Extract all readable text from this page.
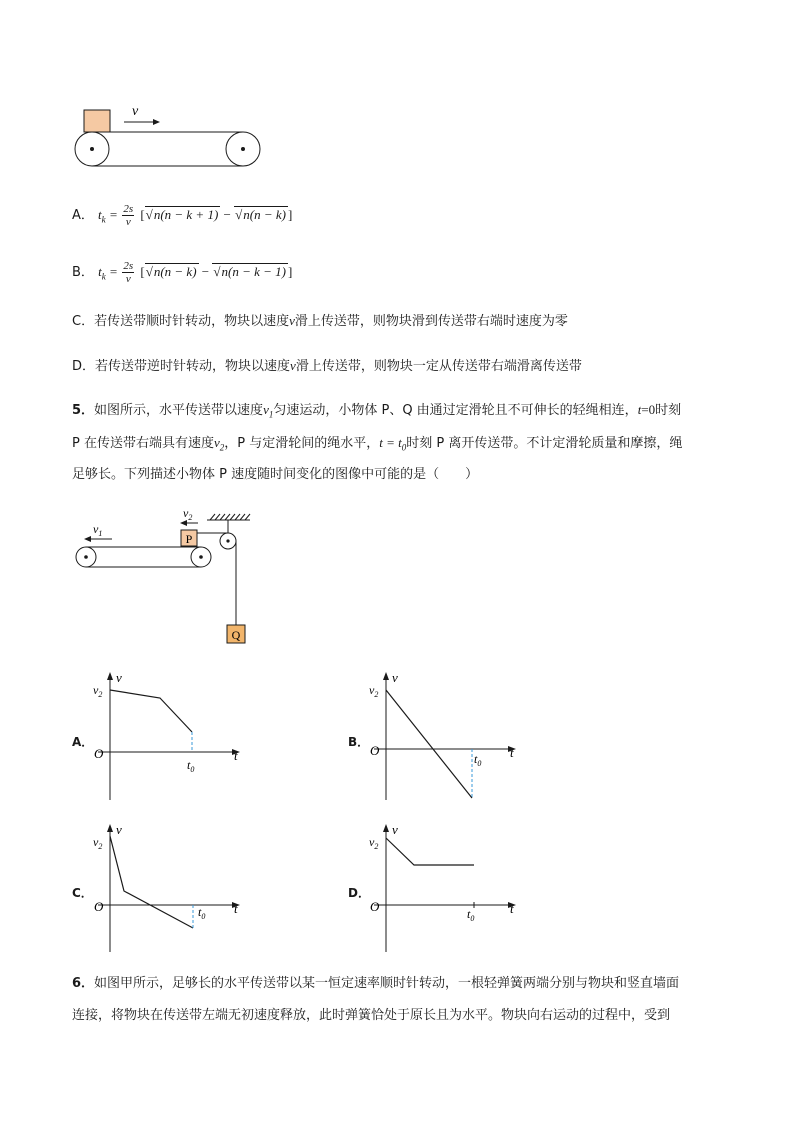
v
A． $t_k = \frac{2s}{v}$ [ √ n(n − k + 1) − √ n(n − k) ]
B． $t_k = \frac{2s}{v}$ [ √ n(n − k) − √ n(n − k − 1) ]
C．若传送带顺时针转动，物块以速度v滑上传送带，则物块滑到传送带右端时速度为零
D．若传送带逆时针转动，物块以速度v滑上传送带，则物块一定从传送带右端滑离传送带
5．如图所示，水平传送带以速度$v_1$匀速运动，小物体 P、Q 由通过定滑轮且不可伸长的轻绳相连，t=0时刻
P 在传送带右端具有速度$v_2$，P 与定滑轮间的绳水平，$t = t_0$时刻 P 离开传送带。不计定滑轮质量和摩擦，绳
足够长。下列描述小物体 P 速度随时间变化的图像中可能的是（　　）
$v_1$
$v_2$
P
Q
A．
v
t
O
$v_2$
$t_0$
B．
v
t
O
$v_2$
$t_0$
C．
v
t
O
$v_2$
$t_0$
D．
v
t
O
$v_2$
$t_0$
6．如图甲所示，足够长的水平传送带以某一恒定速率顺时针转动，一根轻弹簧两端分别与物块和竖直墙面
连接，将物块在传送带左端无初速度释放，此时弹簧恰处于原长且为水平。物块向右运动的过程中，受到
